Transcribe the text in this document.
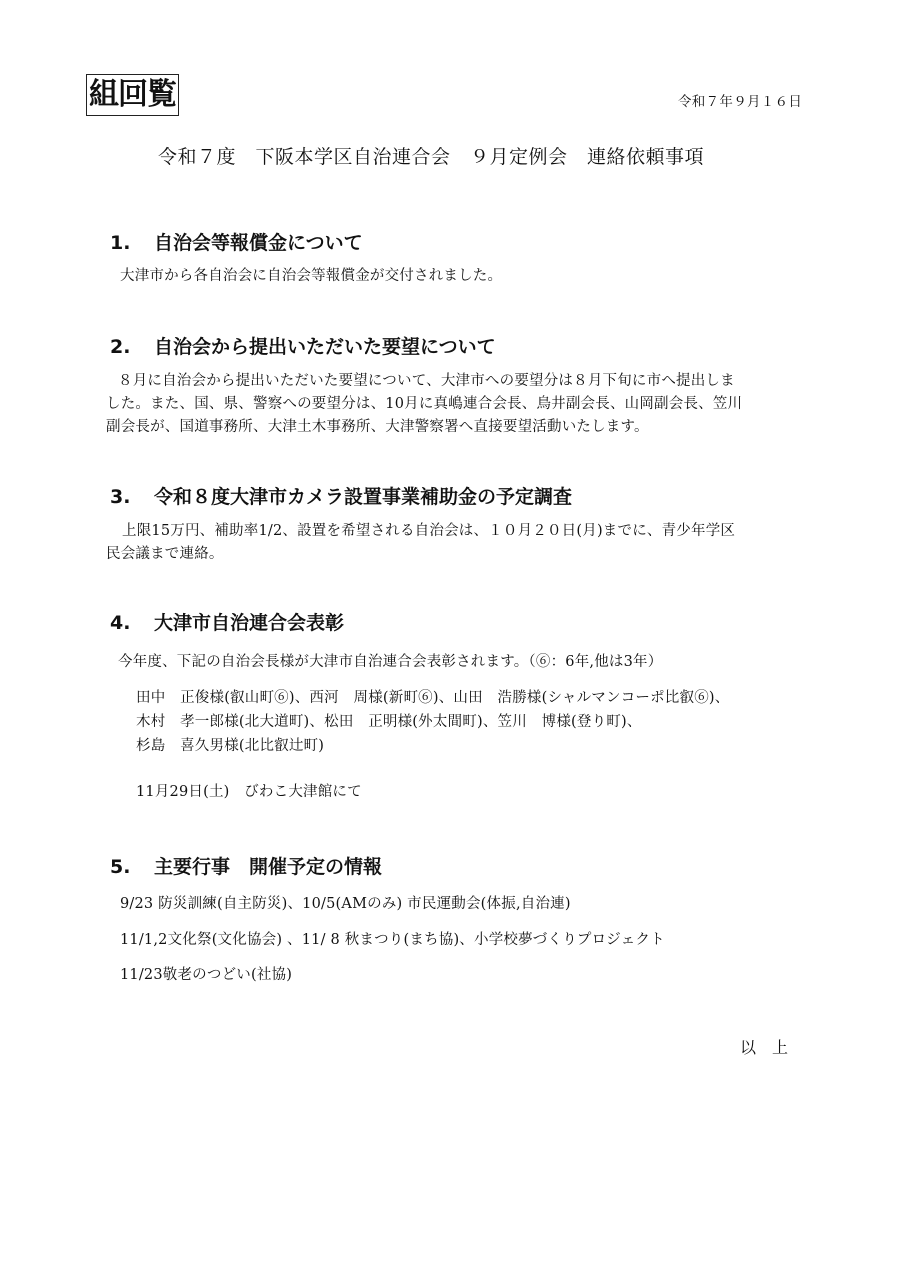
組回覧	令和７年９月１６日
令和７度　下阪本学区自治連合会　９月定例会　連絡依頼事項
1. 自治会等報償金について
大津市から各自治会に自治会等報償金が交付されました。
2. 自治会から提出いただいた要望について
８月に自治会から提出いただいた要望について、大津市への要望分は８月下旬に市へ提出しま
した。また、国、県、警察への要望分は、10月に真嶋連合会長、鳥井副会長、山岡副会長、笠川
副会長が、国道事務所、大津土木事務所、大津警察署へ直接要望活動いたします。
3. 令和８度大津市カメラ設置事業補助金の予定調査
上限15万円、補助率1/2、設置を希望される自治会は、１０月２０日(月)までに、青少年学区
民会議まで連絡。
4. 大津市自治連合会表彰
今年度、下記の自治会長様が大津市自治連合会表彰されます。（⑥：6年,他は3年）
田中　正俊様(叡山町⑥)、西河　周様(新町⑥)、山田　浩勝様(シャルマンコーポ比叡⑥)、
木村　孝一郎様(北大道町)、松田　正明様(外太間町)、笠川　博様(登り町)、
杉島　喜久男様(北比叡辻町)
11月29日(土)　びわこ大津館にて
5. 主要行事　開催予定の情報
9/23 防災訓練(自主防災)、10/5(AMのみ) 市民運動会(体振,自治連)
11/1,2文化祭(文化協会) 、11/ 8 秋まつり(まち協)、小学校夢づくりプロジェクト
11/23敬老のつどい(社協)
以　上
